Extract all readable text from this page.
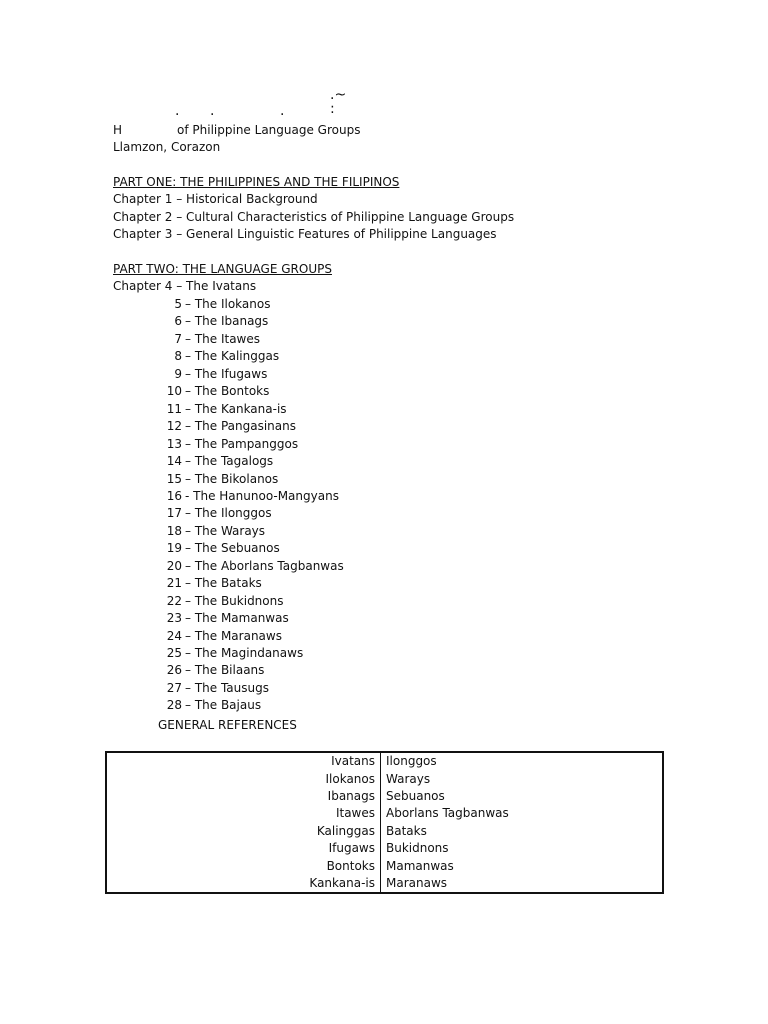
.~
. .	.	:
H	of Philippine Language Groups
Llamzon, Corazon
PART ONE: THE PHILIPPINES AND THE FILIPINOS
Chapter 1 – Historical Background
Chapter 2 – Cultural Characteristics of Philippine Language Groups
Chapter 3 – General Linguistic Features of Philippine Languages
PART TWO: THE LANGUAGE GROUPS
Chapter 4 – The Ivatans
5 – The Ilokanos
6 – The Ibanags
7 – The Itawes
8 – The Kalinggas
9 – The Ifugaws
10 – The Bontoks
11 – The Kankana-is
12 – The Pangasinans
13 – The Pampanggos
14 – The Tagalogs
15 – The Bikolanos
16 - The Hanunoo-Mangyans
17 – The Ilonggos
18 – The Warays
19 – The Sebuanos
20 – The Aborlans Tagbanwas
21 – The Bataks
22 – The Bukidnons
23 – The Mamanwas
24 – The Maranaws
25 – The Magindanaws
26 – The Bilaans
27 – The Tausugs
28 – The Bajaus
GENERAL REFERENCES
Ivatans	Ilonggos
Ilokanos	Warays
Ibanags	Sebuanos
Itawes	Aborlans Tagbanwas
Kalinggas	Bataks
Ifugaws	Bukidnons
Bontoks	Mamanwas
Kankana-is	Maranaws
